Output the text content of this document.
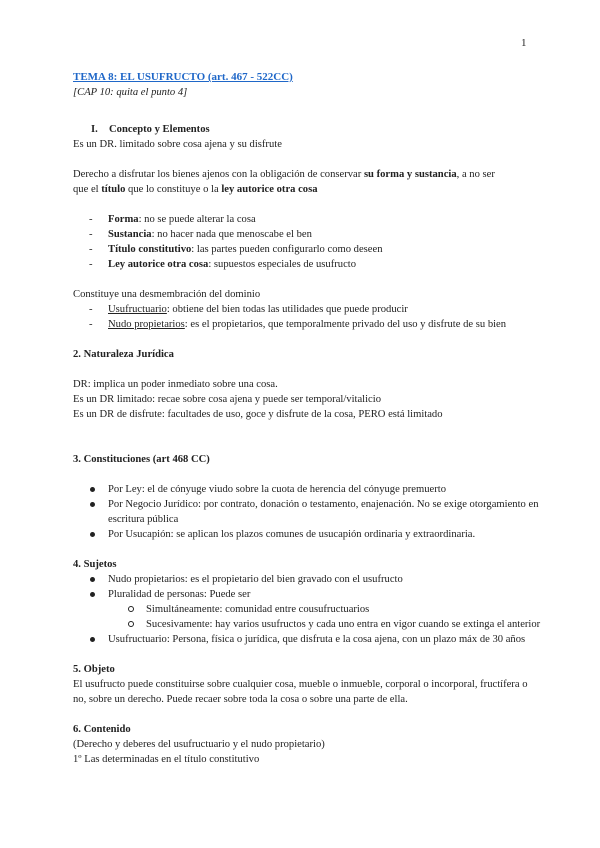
1

TEMA 8: EL USUFRUCTO (art. 467 - 522CC)

[CAP 10: quita el punto 4]

I. Concepto y Elementos

Es un DR. limitado sobre cosa ajena y su disfrute

Derecho a disfrutar los bienes ajenos con la obligación de conservar su forma y sustancia, a no ser

que el título que lo constituye o la ley autorice otra cosa

- Forma: no se puede alterar la cosa
- Sustancia: no hacer nada que menoscabe el ben
- Título constitutivo: las partes pueden configurarlo como deseen
- Ley autorice otra cosa: supuestos especiales de usufructo

Constituye una desmembración del dominio

- Usufructuario: obtiene del bien todas las utilidades que puede producir
- Nudo propietarios: es el propietarios, que temporalmente privado del uso y disfrute de su bien

2. Naturaleza Jurídica

DR: implica un poder inmediato sobre una cosa.

Es un DR limitado: recae sobre cosa ajena y puede ser temporal/vitalicio

Es un DR de disfrute: facultades de uso, goce y disfrute de la cosa, PERO está limitado

3. Constituciones (art 468 CC)

Por Ley: el de cónyuge viudo sobre la cuota de herencia del cónyuge premuerto
Por Negocio Jurídico: por contrato, donación o testamento, enajenación. No se exige otorgamiento en escritura pública
Por Usucapión: se aplican los plazos comunes de usucapión ordinaria y extraordinaria.

4. Sujetos

Nudo propietarios: es el propietario del bien gravado con el usufructo
Pluralidad de personas: Puede ser
Simultáneamente: comunidad entre cousufructuarios
Sucesivamente: hay varios usufructos y cada uno entra en vigor cuando se extinga el anterior
Usufructuario: Persona, física o jurídica, que disfruta e la cosa ajena, con un plazo máx de 30 años

5. Objeto

El usufructo puede constituirse sobre cualquier cosa, mueble o inmueble, corporal o incorporal, fructífera o no, sobre un derecho. Puede recaer sobre toda la cosa o sobre una parte de ella.

6. Contenido

(Derecho y deberes del usufructuario y el nudo propietario)

1º Las determinadas en el título constitutivo
